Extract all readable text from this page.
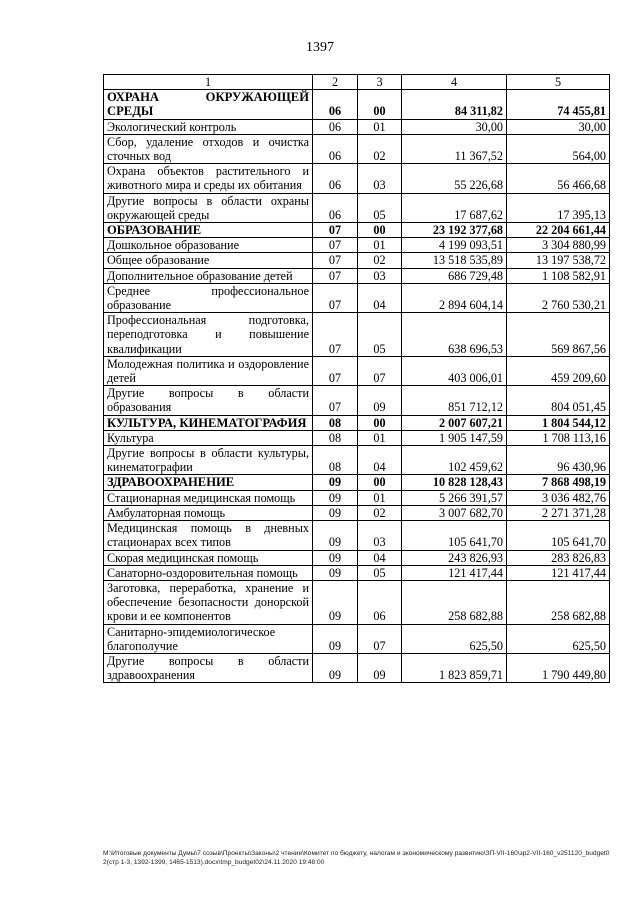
1397
1	2	3	4	5
ОХРАНА ОКРУЖАЮЩЕЙ СРЕДЫ	06	00	84 311,82	74 455,81
Экологический контроль	06	01	30,00	30,00
Сбор, удаление отходов и очистка сточных вод	06	02	11 367,52	564,00
Охрана объектов растительного и животного мира и среды их обитания	06	03	55 226,68	56 466,68
Другие вопросы в области охраны окружающей среды	06	05	17 687,62	17 395,13
ОБРАЗОВАНИЕ	07	00	23 192 377,68	22 204 661,44
Дошкольное образование	07	01	4 199 093,51	3 304 880,99
Общее образование	07	02	13 518 535,89	13 197 538,72
Дополнительное образование детей	07	03	686 729,48	1 108 582,91
Среднее профессиональное образование	07	04	2 894 604,14	2 760 530,21
Профессиональная подготовка, переподготовка и повышение квалификации	07	05	638 696,53	569 867,56
Молодежная политика и оздоровление детей	07	07	403 006,01	459 209,60
Другие вопросы в области образования	07	09	851 712,12	804 051,45
КУЛЬТУРА, КИНЕМАТОГРАФИЯ	08	00	2 007 607,21	1 804 544,12
Культура	08	01	1 905 147,59	1 708 113,16
Другие вопросы в области культуры, кинематографии	08	04	102 459,62	96 430,96
ЗДРАВООХРАНЕНИЕ	09	00	10 828 128,43	7 868 498,19
Стационарная медицинская помощь	09	01	5 266 391,57	3 036 482,76
Амбулаторная помощь	09	02	3 007 682,70	2 271 371,28
Медицинская помощь в дневных стационарах всех типов	09	03	105 641,70	105 641,70
Скорая медицинская помощь	09	04	243 826,93	283 826,83
Санаторно-оздоровительная помощь	09	05	121 417,44	121 417,44
Заготовка, переработка, хранение и обеспечение безопасности донорской крови и ее компонентов	09	06	258 682,88	258 682,88
Санитарно-эпидемиологическое благополучие	09	07	625,50	625,50
Другие вопросы в области здравоохранения	09	09	1 823 859,71	1 790 449,80
M:\Итоговые документы Думы\7 созыв\Проекты\Законы\2 чтение\Комитет по бюджету, налогам и экономическому развитию\ЗП-VII-160\зр2-VII-160_v251120_budget02(стр 1-3, 1392-1399, 1465-1513).docx\tmp_budget02\24.11.2020 19:48:00
